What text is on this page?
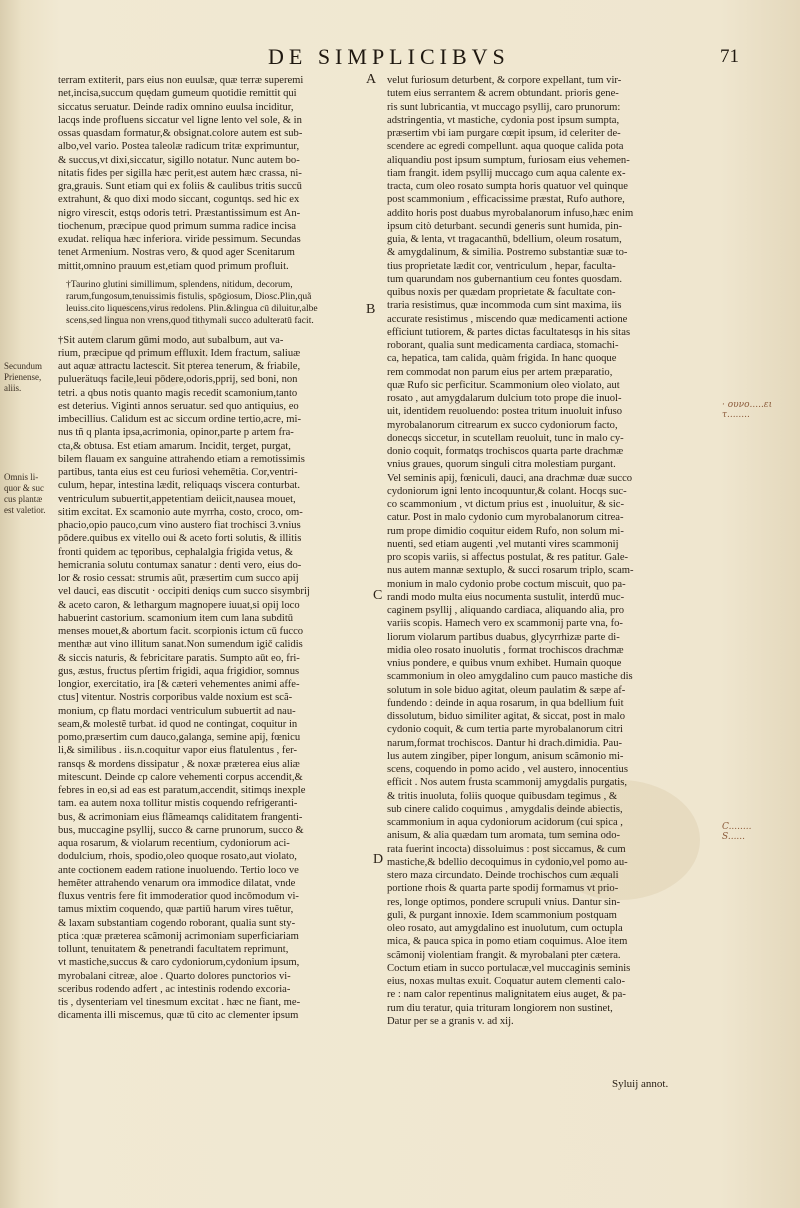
DE SIMPLICIBVS	71
A
B
C
D
Secundum
Prienense,
aliis.
Omnis li-
quor & suc
cus plantæ
est valetior.
· ουνο.....ει
τ........
C........
S......
terram extiterit, pars eius non euulsæ, quæ terræ superemi
net,incisa,succum quędam gumeum quotidie remittit qui
siccatus seruatur. Deinde radix omnino euulsa inciditur,
lacqs inde profluens siccatur vel ligne lento vel sole, & in
ossas quasdam formatur,& obsignat.colore autem est sub-
albo,vel vario. Postea taleolæ radicum tritæ exprimuntur,
& succus,vt dixi,siccatur, sigillo notatur. Nunc autem bo-
nitatis fides per sigilla hæc perit,est autem hæc crassa, ni-
gra,grauis. Sunt etiam qui ex foliis & caulibus tritis succū
extrahunt, & quo dixi modo siccant, coguntqs. sed hic ex
nigro virescit, estqs odoris tetri. Præstantissimum est An-
tiochenum, præcipue quod primum summa radice incisa
exudat. reliqua hæc inferiora. viride pessimum. Secundas
tenet Armenium. Nostras vero, & quod ager Scenitarum
mittit,omnino prauum est,etiam quod primum profluit.
†Taurino glutini simillimum, splendens, nitidum, decorum,
rarum,fungosum,tenuissimis fistulis, spōgiosum, Diosc.Plin,quã
leuiss.cito liquescens,virus redolens. Plin.&lingua cū diluitur,albe
scens,sed lingua non vrens,quod tithymali succo adulteratū facit.
†Sit autem clarum gūmi modo, aut subalbum, aut va-
rium, præcipue qd primum effluxit. Idem fractum, saliuæ
aut aquæ attractu lactescit. Sit pterea tenerum, & friabile,
puluerätuqs facile,leui pōdere,odoris,pprij, sed boni, non
tetri. a qbus notis quanto magis recedit scamonium,tanto
est deterius. Viginti annos seruatur. sed quo antiquius, eo
imbecillius. Calidum est ac siccum ordine tertio,acre, mi-
nus tñ q planta ipsa,acrimonia, opinor,parte p artem fra-
cta,& obtusa. Est etiam amarum. Incidit, terget, purgat,
bilem flauam ex sanguine attrahendo etiam a remotissimis
partibus, tanta eius est ceu furiosi vehemētia. Cor,ventri-
culum, hepar, intestina lædit, reliquaqs viscera conturbat.
ventriculum subuertit,appetentiam deiicit,nausea mouet,
sitim excitat. Ex scamonio aute myrrha, costo, croco, om-
phacio,opio pauco,cum vino austero fiat trochisci 3.vnius
pōdere.quibus ex vitello oui & aceto forti solutis, & illitis
fronti quidem ac tęporibus, cephalalgia frigida vetus, &
hemicrania solutu contumax sanatur : denti vero, eius do-
lor & rosio cessat: strumis aūt, præsertim cum succo apij
vel dauci, eas discutit · occipiti deniqs cum succo sisymbrij
& aceto caron, & lethargum magnopere iuuat,si opij loco
habuerint castorium. scamonium item cum lana subditū
menses mouet,& abortum facit. scorpionis ictum cū fucco
menthæ aut vino illitum sanat.Non sumendum igič calidis
& siccis naturis, & febricitare paratis. Sumpto aūt eo, fri-
gus, æstus, fructus pſertim frigidi, aqua frigidior, somnus
longior, exercitatio, ira [& cæteri vehementes animi affe-
ctus] vitentur. Nostris corporibus valde noxium est scã-
monium, cp flatu mordaci ventriculum subuertit ad nau-
seam,& molestẽ turbat. id quod ne contingat, coquitur in
pomo,præsertim cum dauco,galanga, semine apij, fœnicu
li,& similibus . iis.n.coquitur vapor eius flatulentus , fer-
ransqs & mordens dissipatur , & noxæ præterea eius aliæ
mitescunt. Deinde cp calore vehementi corpus accendit,&
febres in eo,si ad eas est paratum,accendit, sitimqs inexple
tam. ea autem noxa tollitur mistis coquendo refrigeranti-
bus, & acrimoniam eius flãmeamqs caliditatem frangenti-
bus, muccagine psyllij, succo & carne prunorum, succo &
aqua rosarum, & violarum recentium, cydoniorum aci-
dodulcium, rhois, spodio,oleo quoque rosato,aut violato,
ante coctionem eadem ratione inuoluendo. Tertio loco ve
hemẽter attrahendo venarum ora immodice dilatat, vnde
fluxus ventris fere fit immoderatior quod incōmodum vi-
tamus mixtim coquendo, quæ partiū harum vires tuẽtur,
& laxam substantiam cogendo roborant, qualia sunt sty-
ptica :quæ præterea scãmonij acrimoniam superficiariam
tollunt, tenuitatem & penetrandi facultatem reprimunt,
vt mastiche,succus & caro cydoniorum,cydonium ipsum,
myrobalani citreæ, aloe . Quarto dolores punctorios vi-
sceribus rodendo adfert , ac intestinis rodendo excoria-
tis , dysenteriam vel tinesmum excitat . hæc ne fiant, me-
dicamenta illi miscemus, quæ tū cito ac clementer ipsum
velut furiosum deturbent, & corpore expellant, tum vir-
tutem eius serrantem & acrem obtundant. prioris gene-
ris sunt lubricantia, vt muccago psyllij, caro prunorum:
adstringentia, vt mastiche, cydonia post ipsum sumpta,
præsertim vbi iam purgare cœpit ipsum, id celeriter de-
scendere ac egredi compellunt. aqua quoque calida pota
aliquandiu post ipsum sumptum, furiosam eius vehemen-
tiam frangit. idem psyllij muccago cum aqua calente ex-
tracta, cum oleo rosato sumpta horis quatuor vel quinque
post scammonium , efficacissime præstat, Rufo authore,
addito horis post duabus myrobalanorum infuso,hæc enim
ipsum citò deturbant. secundi generis sunt humida, pin-
guia, & lenta, vt tragacanthū, bdellium, oleum rosatum,
& amygdalinum, & similia. Postremo substantiæ suæ to-
tius proprietate lædit cor, ventriculum , hepar, faculta-
tum quarundam nos gubernantium ceu fontes quosdam.
quibus noxis per quædam proprietate & facultate con-
traria resistimus, quæ incommoda cum sint maxima, iis
accurate resistimus , miscendo quæ medicamenti actione
efficiunt tutiorem, & partes dictas facultatesqs in his sitas
roborant, qualia sunt medicamenta cardiaca, stomachi-
ca, hepatica, tam calida, quàm frigida. In hanc quoque
rem commodat non parum eius per artem præparatio,
quæ Rufo sic perficitur. Scammonium oleo violato, aut
rosato , aut amygdalarum dulcium toto prope die inuol-
uit, identidem reuoluendo: postea tritum inuoluit infuso
myrobalanorum citrearum ex succo cydoniorum facto,
donecqs siccetur, in scutellam reuoluit, tunc in malo cy-
donio coquit, formatqs trochiscos quarta parte drachmæ
vnius graues, quorum singuli citra molestiam purgant.
Vel seminis apij, fœniculi, dauci, ana drachmæ duæ succo
cydoniorum igni lento incoquuntur,& colant. Hocqs suc-
co scammonium , vt dictum prius est , inuoluitur, & sic-
catur. Post in malo cydonio cum myrobalanorum citrea-
rum prope dimidio coquitur eidem Rufo, non solum mi-
nuenti, sed etiam augenti ,vel mutanti vires scammonij
pro scopis variis, si affectus postulat, & res patitur. Gale-
nus autem mannæ sextuplo, & succi rosarum triplo, scam-
monium in malo cydonio probe coctum miscuit, quo pa-
randi modo multa eius nocumenta sustulit, interdū muc-
caginem psyllij , aliquando cardiaca, aliquando alia, pro
variis scopis. Hamech vero ex scammonij parte vna, fo-
liorum violarum partibus duabus, glycyrrhizæ parte di-
midia oleo rosato inuolutis , format trochiscos drachmæ
vnius pondere, e quibus vnum exhibet. Humain quoque
scammonium in oleo amygdalino cum pauco mastiche dis
solutum in sole biduo agitat, oleum paulatim & sæpe af-
fundendo : deinde in aqua rosarum, in qua bdellium fuit
dissolutum, biduo similiter agitat, & siccat, post in malo
cydonio coquit, & cum tertia parte myrobalanorum citri
narum,format trochiscos. Dantur hi drach.dimidia. Pau-
lus autem zingiber, piper longum, anisum scãmonio mi-
scens, coquendo in pomo acido , vel austero, innocentius
efficit . Nos autem frusta scammonij amygdalis purgatis,
& tritis inuoluta, foliis quoque quibusdam tegimus , &
sub cinere calido coquimus , amygdalis deinde abiectis,
scammonium in aqua cydoniorum acidorum (cui spica ,
anisum, & alia quædam tum aromata, tum semina odo-
rata fuerint incocta) dissoluimus : post siccamus, & cum
mastiche,& bdellio decoquimus in cydonio,vel pomo au-
stero maza circundato. Deinde trochischos cum æquali
portione rhois & quarta parte spodij formamus vt prio-
res, longe optimos, pondere scrupuli vnius. Dantur sin-
guli, & purgant innoxie. Idem scammonium postquam
oleo rosato, aut amygdalino est inuolutum, cum octupla
mica, & pauca spica in pomo etiam coquimus. Aloe item
scãmonij violentiam frangit. & myrobalani pter cætera.
Coctum etiam in succo portulacæ,vel muccaginis seminis
eius, noxas multas exuit. Coquatur autem clementi calo-
re : nam calor repentinus malignitatem eius auget, & pa-
rum diu teratur, quia trituram longiorem non sustinet,
Datur per se a granis v. ad xij.
Syluij annot.
